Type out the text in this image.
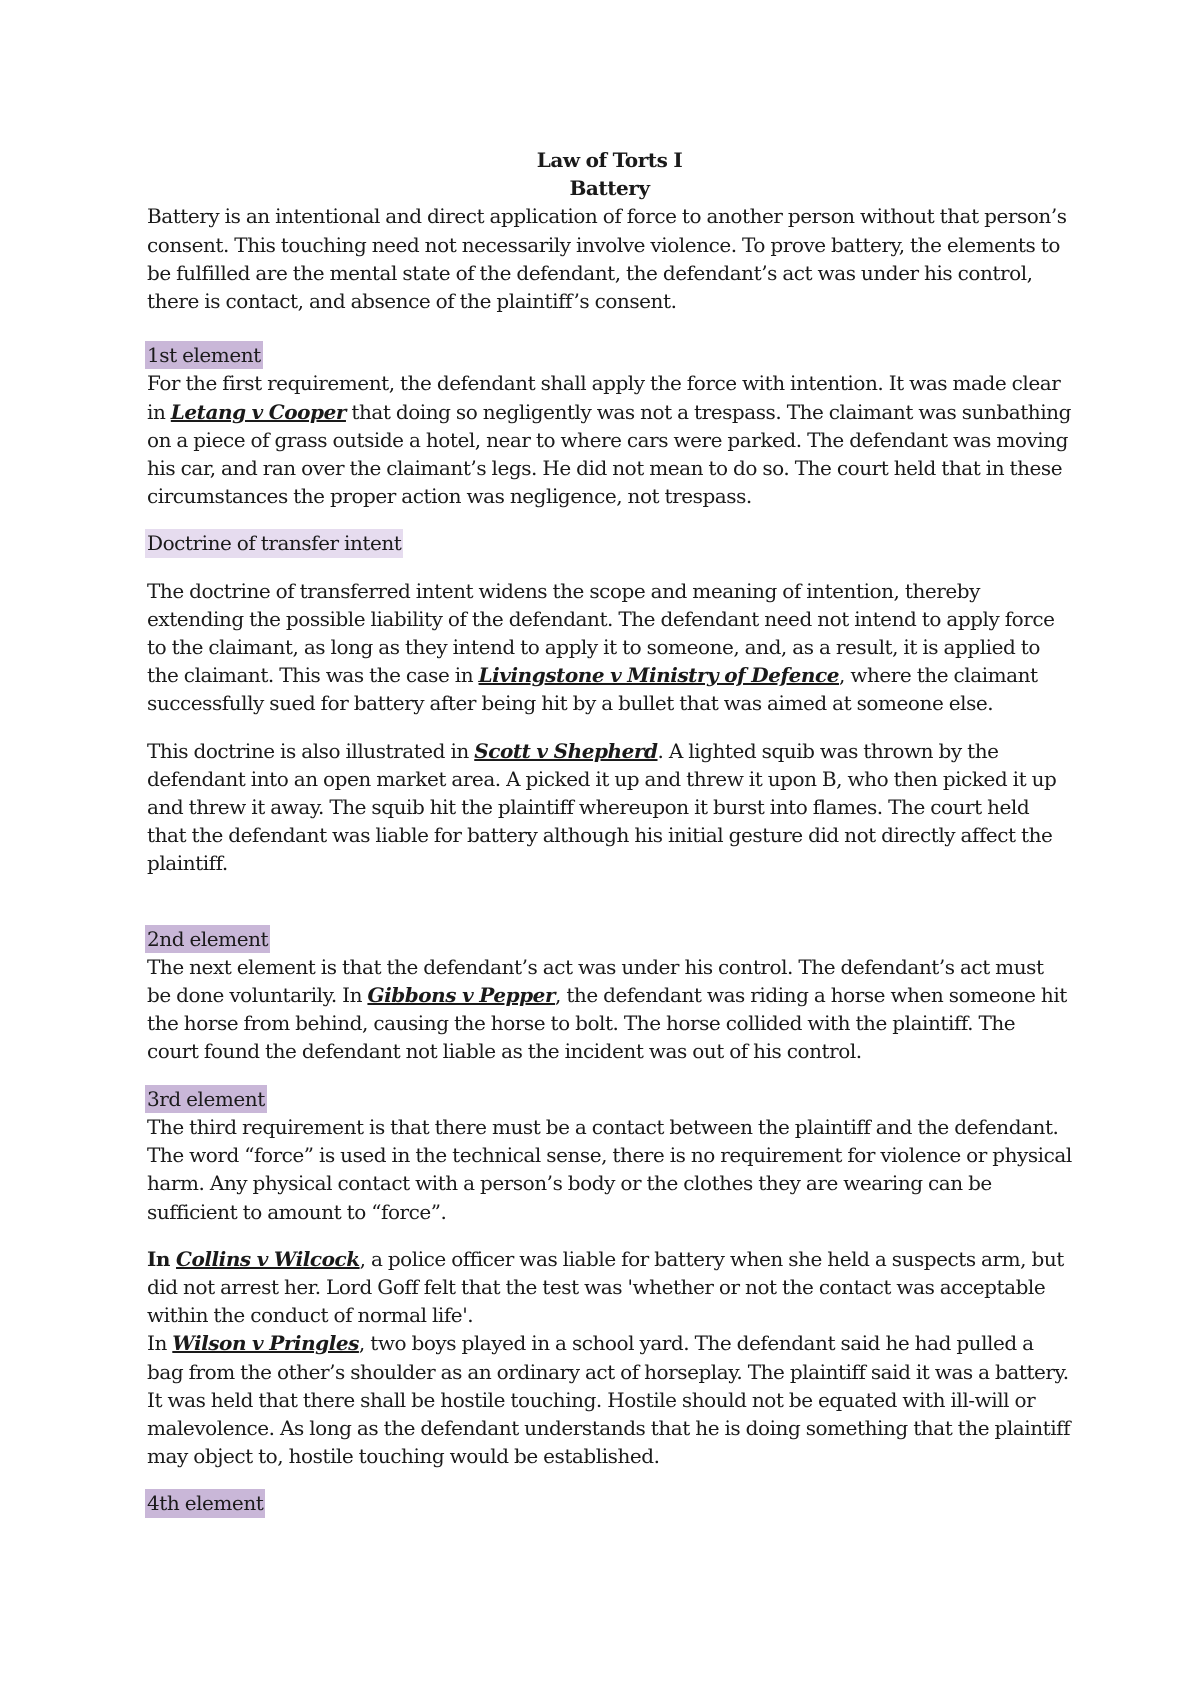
Law of Torts I

Battery

Battery is an intentional and direct application of force to another person without that person’s consent. This touching need not necessarily involve violence. To prove battery, the elements to be fulfilled are the mental state of the defendant, the defendant’s act was under his control, there is contact, and absence of the plaintiff’s consent.

1st element

For the first requirement, the defendant shall apply the force with intention. It was made clear in Letang v Cooper that doing so negligently was not a trespass. The claimant was sunbathing on a piece of grass outside a hotel, near to where cars were parked. The defendant was moving his car, and ran over the claimant’s legs. He did not mean to do so. The court held that in these circumstances the proper action was negligence, not trespass.

Doctrine of transfer intent

The doctrine of transferred intent widens the scope and meaning of intention, thereby extending the possible liability of the defendant. The defendant need not intend to apply force to the claimant, as long as they intend to apply it to someone, and, as a result, it is applied to the claimant. This was the case in Livingstone v Ministry of Defence, where the claimant successfully sued for battery after being hit by a bullet that was aimed at someone else.

This doctrine is also illustrated in Scott v Shepherd. A lighted squib was thrown by the defendant into an open market area. A picked it up and threw it upon B, who then picked it up and threw it away. The squib hit the plaintiff whereupon it burst into flames. The court held that the defendant was liable for battery although his initial gesture did not directly affect the plaintiff.

2nd element

The next element is that the defendant’s act was under his control. The defendant’s act must be done voluntarily. In Gibbons v Pepper, the defendant was riding a horse when someone hit the horse from behind, causing the horse to bolt. The horse collided with the plaintiff. The court found the defendant not liable as the incident was out of his control.

3rd element

The third requirement is that there must be a contact between the plaintiff and the defendant. The word “force” is used in the technical sense, there is no requirement for violence or physical harm. Any physical contact with a person’s body or the clothes they are wearing can be sufficient to amount to “force”.

In Collins v Wilcock, a police officer was liable for battery when she held a suspects arm, but did not arrest her. Lord Goff felt that the test was 'whether or not the contact was acceptable within the conduct of normal life'.

In Wilson v Pringles, two boys played in a school yard. The defendant said he had pulled a bag from the other’s shoulder as an ordinary act of horseplay. The plaintiff said it was a battery. It was held that there shall be hostile touching. Hostile should not be equated with ill-will or malevolence. As long as the defendant understands that he is doing something that the plaintiff may object to, hostile touching would be established.

4th element
